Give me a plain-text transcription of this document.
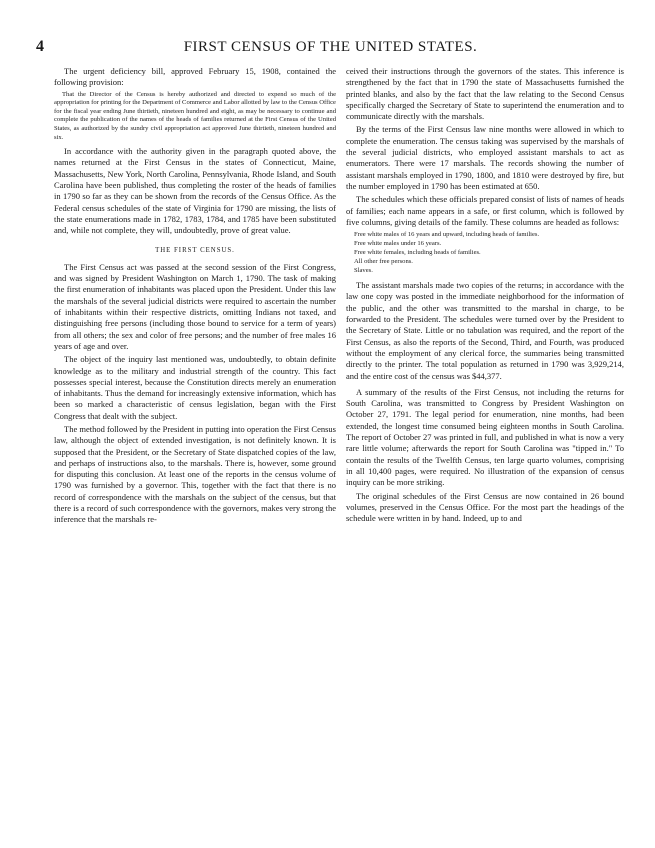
4	FIRST CENSUS OF THE UNITED STATES.

The urgent deficiency bill, approved February 15, 1908, contained the following provision:

That the Director of the Census is hereby authorized and directed to expend so much of the appropriation for printing for the Department of Commerce and Labor allotted by law to the Census Office for the fiscal year ending June thirtieth, nineteen hundred and eight, as may be necessary to continue and complete the publication of the names of the heads of families returned at the First Census of the United States, as authorized by the sundry civil appropriation act approved June thirtieth, nineteen hundred and six.

In accordance with the authority given in the paragraph quoted above, the names returned at the First Census in the states of Connecticut, Maine, Massachusetts, New York, North Carolina, Pennsylvania, Rhode Island, and South Carolina have been published, thus completing the roster of the heads of families in 1790 so far as they can be shown from the records of the Census Office. As the Federal census schedules of the state of Virginia for 1790 are missing, the lists of the state enumerations made in 1782, 1783, 1784, and 1785 have been substituted and, while not complete, they will, undoubtedly, prove of great value.

THE FIRST CENSUS.

The First Census act was passed at the second session of the First Congress, and was signed by President Washington on March 1, 1790. The task of making the first enumeration of inhabitants was placed upon the President. Under this law the marshals of the several judicial districts were required to ascertain the number of inhabitants within their respective districts, omitting Indians not taxed, and distinguishing free persons (including those bound to service for a term of years) from all others; the sex and color of free persons; and the number of free males 16 years of age and over.

The object of the inquiry last mentioned was, undoubtedly, to obtain definite knowledge as to the military and industrial strength of the country. This fact possesses special interest, because the Constitution directs merely an enumeration of inhabitants. Thus the demand for increasingly extensive information, which has been so marked a characteristic of census legislation, began with the First Congress that dealt with the subject.

The method followed by the President in putting into operation the First Census law, although the object of extended investigation, is not definitely known. It is supposed that the President, or the Secretary of State dispatched copies of the law, and perhaps of instructions also, to the marshals. There is, however, some ground for disputing this conclusion. At least one of the reports in the census volume of 1790 was furnished by a governor. This, together with the fact that there is no record of correspondence with the marshals on the subject of the census, but that there is a record of such correspondence with the governors, makes very strong the inference that the marshals re-

ceived their instructions through the governors of the states. This inference is strengthened by the fact that in 1790 the state of Massachusetts furnished the printed blanks, and also by the fact that the law relating to the Second Census specifically charged the Secretary of State to superintend the enumeration and to communicate directly with the marshals.

By the terms of the First Census law nine months were allowed in which to complete the enumeration. The census taking was supervised by the marshals of the several judicial districts, who employed assistant marshals to act as enumerators. There were 17 marshals. The records showing the number of assistant marshals employed in 1790, 1800, and 1810 were destroyed by fire, but the number employed in 1790 has been estimated at 650.

The schedules which these officials prepared consist of lists of names of heads of families; each name appears in a safe, or first column, which is followed by five columns, giving details of the family. These columns are headed as follows:

Free white males of 16 years and upward, including heads of families.
Free white males under 16 years.
Free white females, including heads of families.
All other free persons.
Slaves.

The assistant marshals made two copies of the returns; in accordance with the law one copy was posted in the immediate neighborhood for the information of the public, and the other was transmitted to the marshal in charge, to be forwarded to the President. The schedules were turned over by the President to the Secretary of State. Little or no tabulation was required, and the report of the First Census, as also the reports of the Second, Third, and Fourth, was produced without the employment of any clerical force, the summaries being transmitted directly to the printer. The total population as returned in 1790 was 3,929,214, and the entire cost of the census was $44,377.

A summary of the results of the First Census, not including the returns for South Carolina, was transmitted to Congress by President Washington on October 27, 1791. The legal period for enumeration, nine months, had been extended, the longest time consumed being eighteen months in South Carolina. The report of October 27 was printed in full, and published in what is now a very rare little volume; afterwards the report for South Carolina was "tipped in." To contain the results of the Twelfth Census, ten large quarto volumes, comprising in all 10,400 pages, were required. No illustration of the expansion of census inquiry can be more striking.

The original schedules of the First Census are now contained in 26 bound volumes, preserved in the Census Office. For the most part the headings of the schedule were written in by hand. Indeed, up to and
